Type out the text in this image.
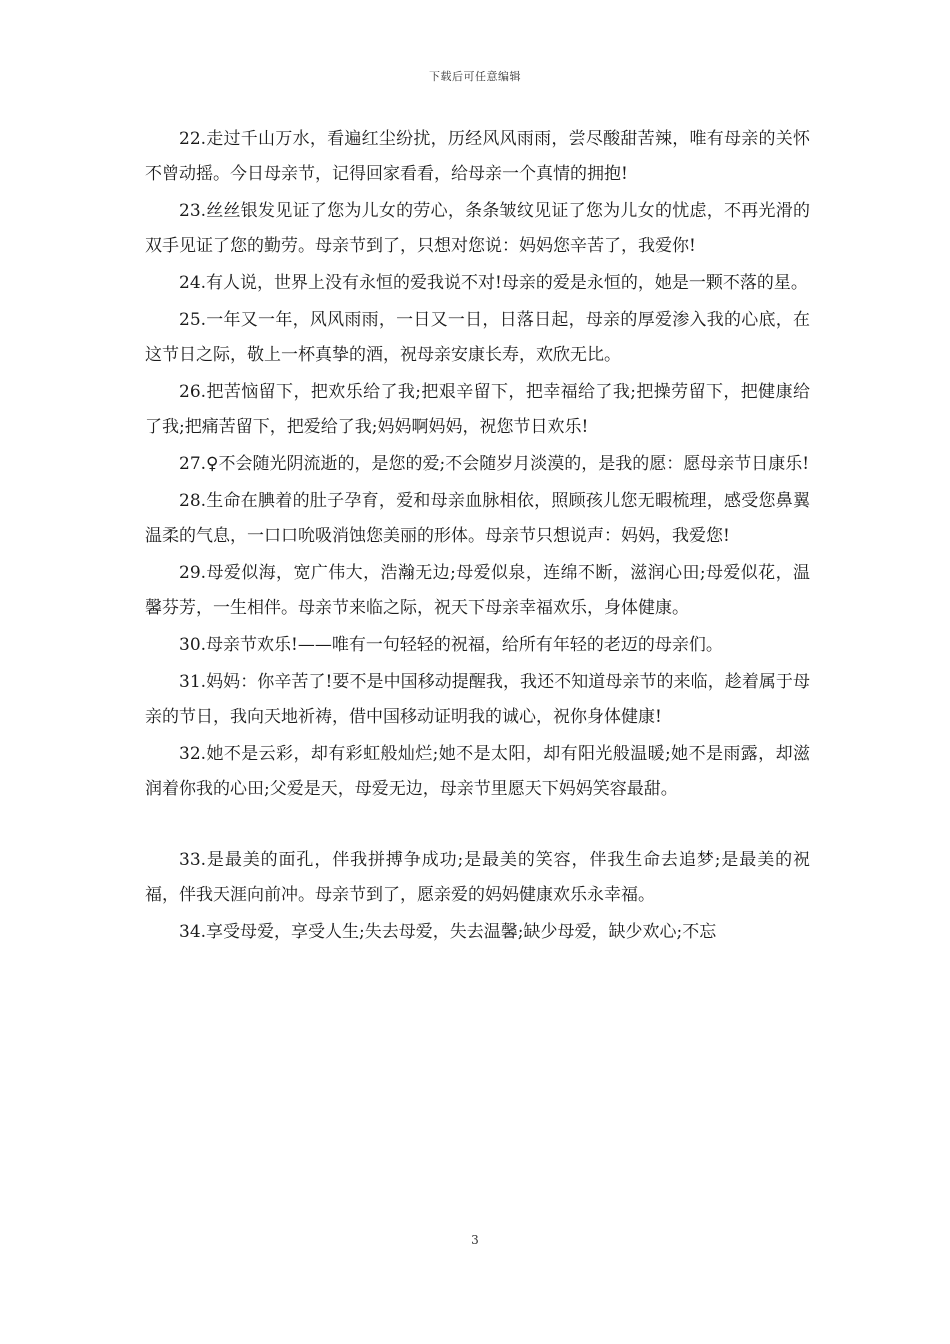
下载后可任意编辑

22.走过千山万水，看遍红尘纷扰，历经风风雨雨，尝尽酸甜苦辣，唯有母亲的关怀不曾动摇。今日母亲节，记得回家看看，给母亲一个真情的拥抱!

23.丝丝银发见证了您为儿女的劳心，条条皱纹见证了您为儿女的忧虑，不再光滑的双手见证了您的勤劳。母亲节到了，只想对您说：妈妈您辛苦了，我爱你!

24.有人说，世界上没有永恒的爱我说不对!母亲的爱是永恒的，她是一颗不落的星。

25.一年又一年，风风雨雨，一日又一日，日落日起，母亲的厚爱渗入我的心底，在这节日之际，敬上一杯真挚的酒，祝母亲安康长寿，欢欣无比。

26.把苦恼留下，把欢乐给了我;把艰辛留下，把幸福给了我;把操劳留下，把健康给了我;把痛苦留下，把爱给了我;妈妈啊妈妈，祝您节日欢乐!

27.♀不会随光阴流逝的，是您的爱;不会随岁月淡漠的，是我的愿：愿母亲节日康乐!

28.生命在腆着的肚子孕育，爱和母亲血脉相依，照顾孩儿您无暇梳理，感受您鼻翼温柔的气息，一口口吮吸消蚀您美丽的形体。母亲节只想说声：妈妈，我爱您!

29.母爱似海，宽广伟大，浩瀚无边;母爱似泉，连绵不断，滋润心田;母爱似花，温馨芬芳，一生相伴。母亲节来临之际，祝天下母亲幸福欢乐，身体健康。

30.母亲节欢乐!——唯有一句轻轻的祝福，给所有年轻的老迈的母亲们。

31.妈妈：你辛苦了!要不是中国移动提醒我，我还不知道母亲节的来临，趁着属于母亲的节日，我向天地祈祷，借中国移动证明我的诚心，祝你身体健康!

32.她不是云彩，却有彩虹般灿烂;她不是太阳，却有阳光般温暖;她不是雨露，却滋润着你我的心田;父爱是天，母爱无边，母亲节里愿天下妈妈笑容最甜。

33.是最美的面孔，伴我拼搏争成功;是最美的笑容，伴我生命去追梦;是最美的祝福，伴我天涯向前冲。母亲节到了，愿亲爱的妈妈健康欢乐永幸福。

34.享受母爱，享受人生;失去母爱，失去温馨;缺少母爱，缺少欢心;不忘

3
